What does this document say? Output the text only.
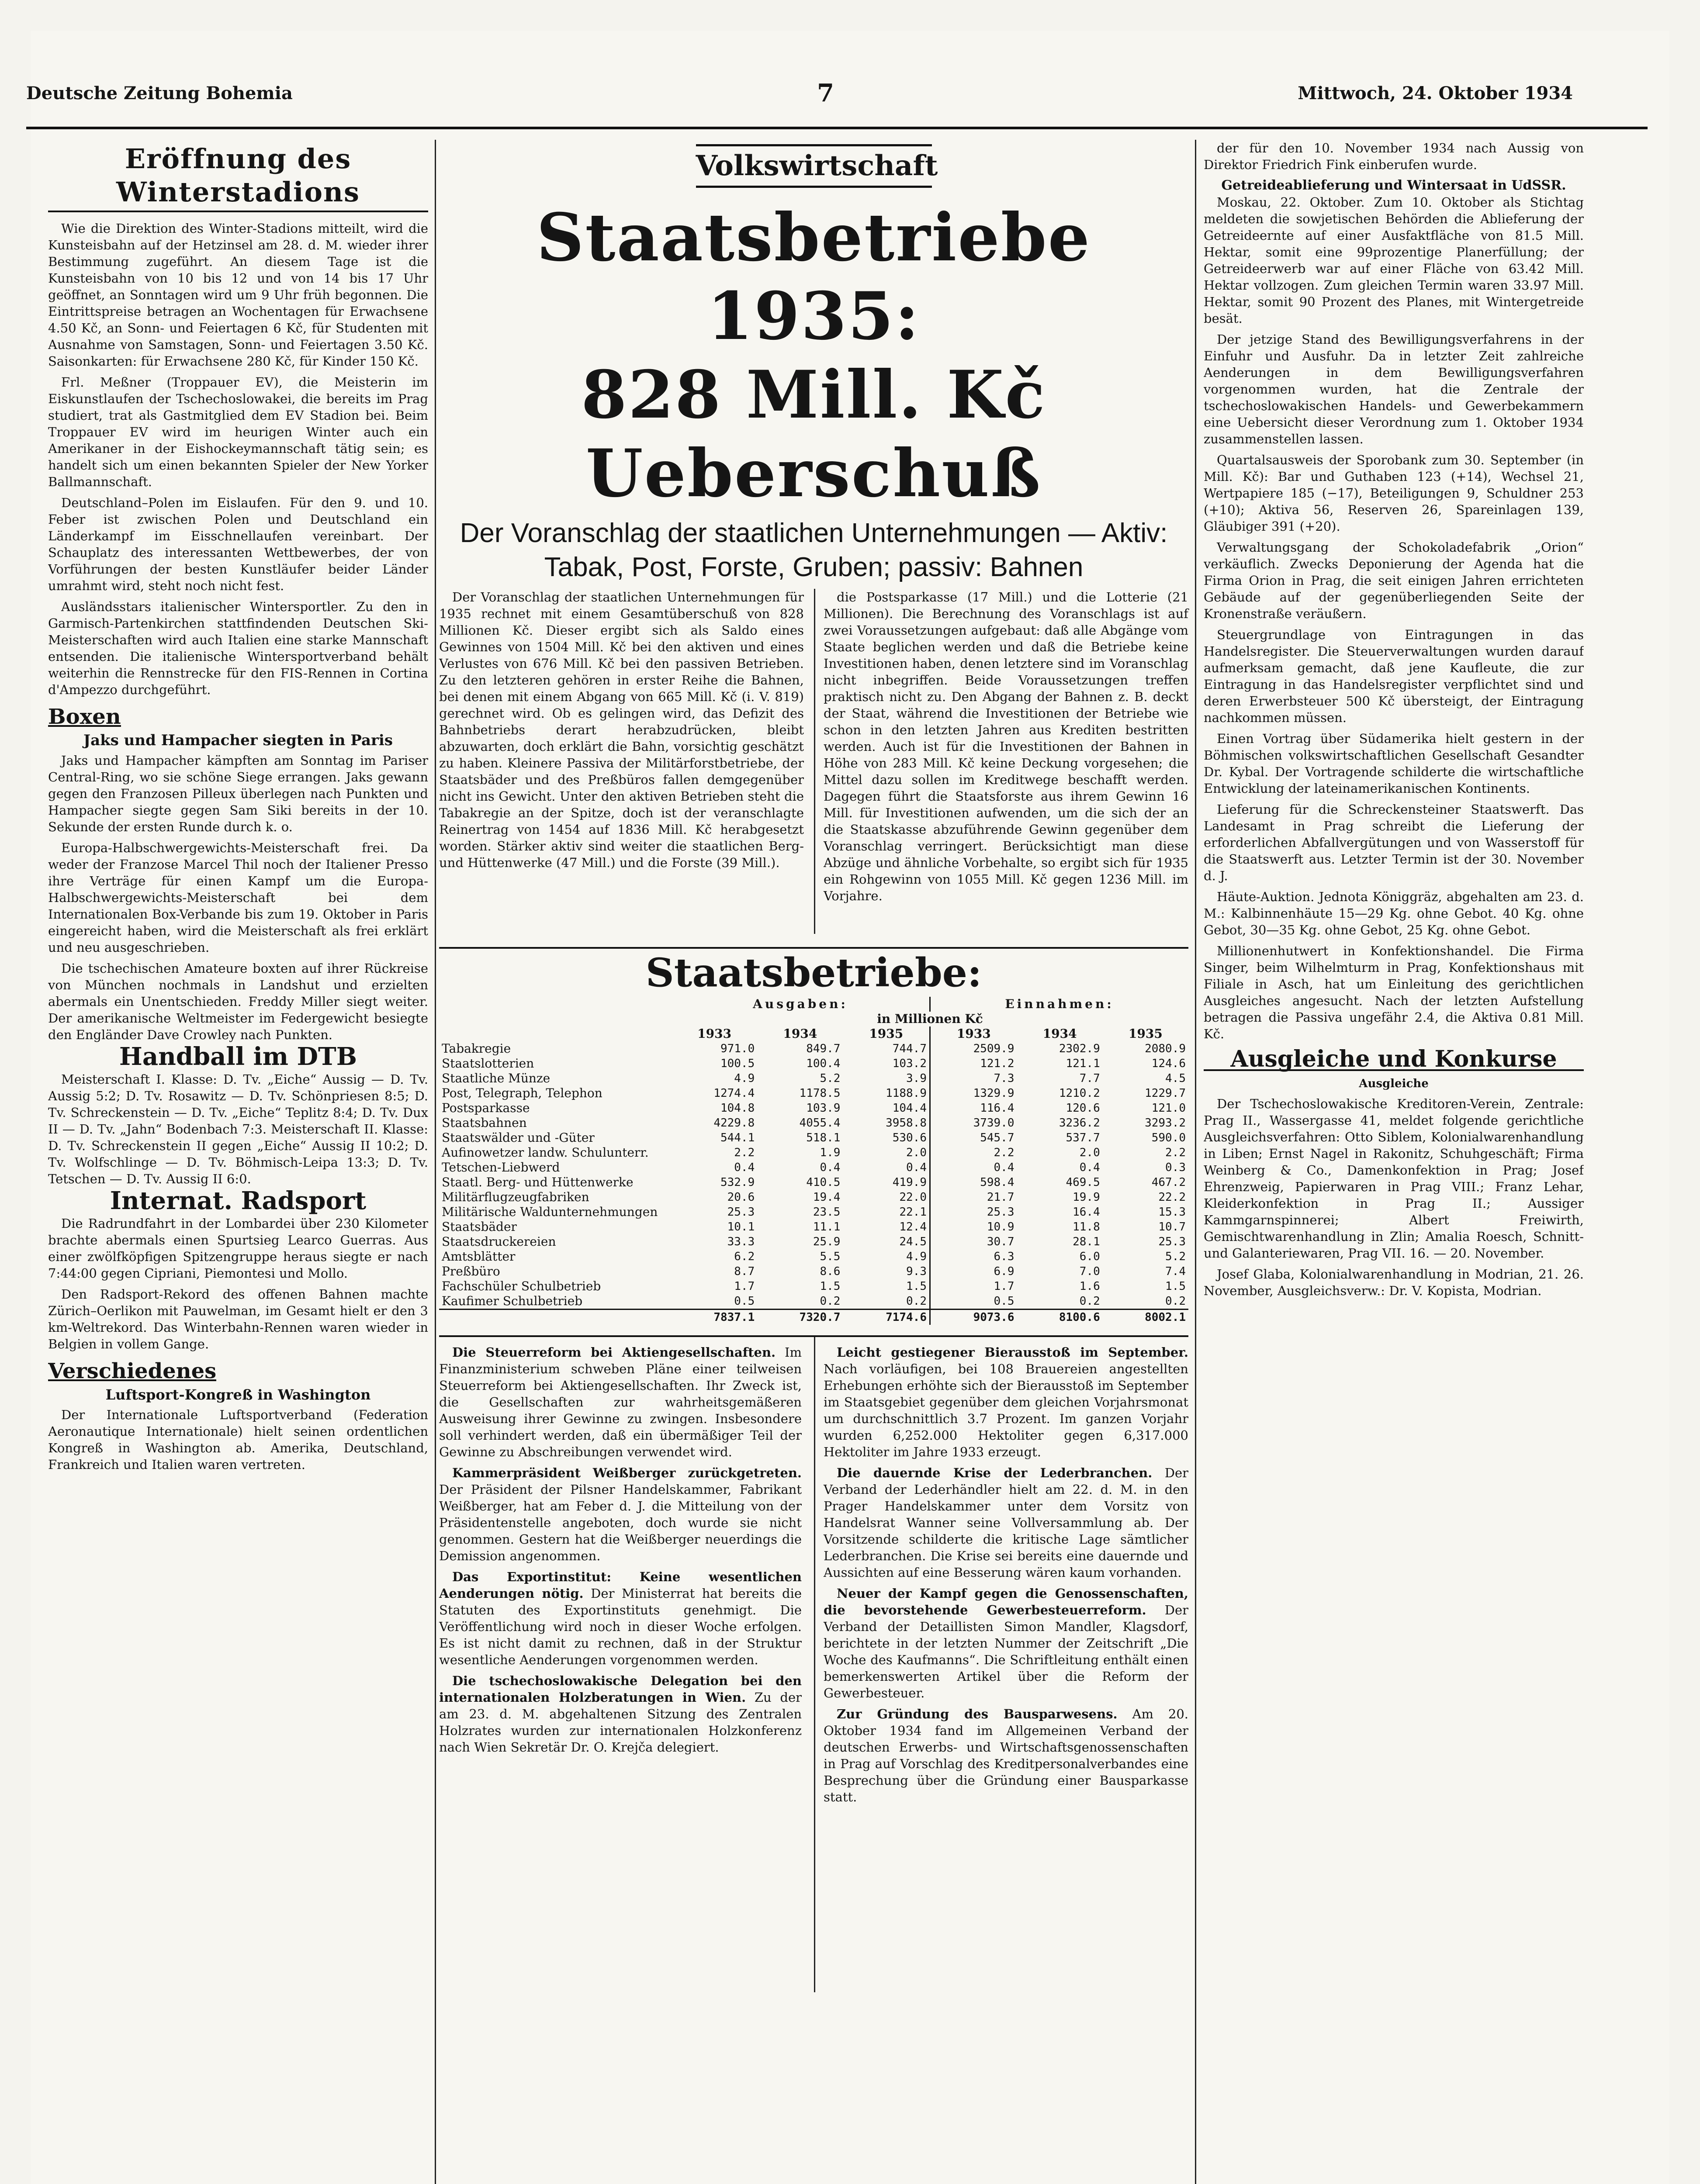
Deutsche Zeitung Bohemia	7	Mittwoch, 24. Oktober 1934
Eröffnung des Winterstadions

Wie die Direktion des Winter-Stadions mitteilt, wird die Kunsteisbahn auf der Hetzinsel am 28. d. M. wieder ihrer Bestimmung zugeführt. An diesem Tage ist die Kunsteisbahn von 10 bis 12 und von 14 bis 17 Uhr geöffnet, an Sonntagen wird um 9 Uhr früh begonnen. Die Eintrittspreise betragen an Wochentagen für Erwachsene 4.50 Kč, an Sonn- und Feiertagen 6 Kč, für Studenten mit Ausnahme von Samstagen, Sonn- und Feiertagen 3.50 Kč. Saisonkarten: für Erwachsene 280 Kč, für Kinder 150 Kč.

Frl. Meßner (Troppauer EV), die Meisterin im Eiskunstlaufen der Tschechoslowakei, die bereits im Prag studiert, trat als Gastmitglied dem EV Stadion bei. Beim Troppauer EV wird im heurigen Winter auch ein Amerikaner in der Eishockeymannschaft tätig sein; es handelt sich um einen bekannten Spieler der New Yorker Ballmannschaft.

Deutschland–Polen im Eislaufen. Für den 9. und 10. Feber ist zwischen Polen und Deutschland ein Länderkampf im Eisschnellaufen vereinbart. Der Schauplatz des interessanten Wettbewerbes, der von Vorführungen der besten Kunstläufer beider Länder umrahmt wird, steht noch nicht fest.

Ausländsstars italienischer Wintersportler. Zu den in Garmisch-Partenkirchen stattfindenden Deutschen Ski-Meisterschaften wird auch Italien eine starke Mannschaft entsenden. Die italienische Wintersportverband behält weiterhin die Rennstrecke für den FIS-Rennen in Cortina d'Ampezzo durchgeführt.

Boxen
Jaks und Hampacher siegten in Paris

Jaks und Hampacher kämpften am Sonntag im Pariser Central-Ring, wo sie schöne Siege errangen. Jaks gewann gegen den Franzosen Pilleux überlegen nach Punkten und Hampacher siegte gegen Sam Siki bereits in der 10. Sekunde der ersten Runde durch k. o.

Europa-Halbschwergewichts-Meisterschaft frei. Da weder der Franzose Marcel Thil noch der Italiener Presso ihre Verträge für einen Kampf um die Europa-Halbschwergewichts-Meisterschaft bei dem Internationalen Box-Verbande bis zum 19. Oktober in Paris eingereicht haben, wird die Meisterschaft als frei erklärt und neu ausgeschrieben.

Die tschechischen Amateure boxten auf ihrer Rückreise von München nochmals in Landshut und erzielten abermals ein Unentschieden. Freddy Miller siegt weiter. Der amerikanische Weltmeister im Federgewicht besiegte den Engländer Dave Crowley nach Punkten.

Handball im DTB

Meisterschaft I. Klasse: D. Tv. „Eiche“ Aussig — D. Tv. Aussig 5:2; D. Tv. Rosawitz — D. Tv. Schönpriesen 8:5; D. Tv. Schreckenstein — D. Tv. „Eiche“ Teplitz 8:4; D. Tv. Dux II — D. Tv. „Jahn“ Bodenbach 7:3. Meisterschaft II. Klasse: D. Tv. Schreckenstein II gegen „Eiche“ Aussig II 10:2; D. Tv. Wolfschlinge — D. Tv. Böhmisch-Leipa 13:3; D. Tv. Tetschen — D. Tv. Aussig II 6:0.

Internat. Radsport

Die Radrundfahrt in der Lombardei über 230 Kilometer brachte abermals einen Spurtsieg Learco Guerras. Aus einer zwölfköpfigen Spitzengruppe heraus siegte er nach 7:44:00 gegen Cipriani, Piemontesi und Mollo.

Den Radsport-Rekord des offenen Bahnen machte Zürich–Oerlikon mit Pauwelman, im Gesamt hielt er den 3 km-Weltrekord. Das Winterbahn-Rennen waren wieder in Belgien in vollem Gange.

Verschiedenes
Luftsport-Kongreß in Washington

Der Internationale Luftsportverband (Federation Aeronautique Internationale) hielt seinen ordentlichen Kongreß in Washington ab. Amerika, Deutschland, Frankreich und Italien waren vertreten.

Volkswirtschaft
Staatsbetriebe 1935:
828 Mill. Kč Ueberschuß
Der Voranschlag der staatlichen Unternehmungen — Aktiv: Tabak, Post, Forste, Gruben; passiv: Bahnen

Der Voranschlag der staatlichen Unternehmungen für 1935 rechnet mit einem Gesamtüberschuß von 828 Millionen Kč. Dieser ergibt sich als Saldo eines Gewinnes von 1504 Mill. Kč bei den aktiven und eines Verlustes von 676 Mill. Kč bei den passiven Betrieben. Zu den letzteren gehören in erster Reihe die Bahnen, bei denen mit einem Abgang von 665 Mill. Kč (i. V. 819) gerechnet wird. Ob es gelingen wird, das Defizit des Bahnbetriebs derart herabzudrücken, bleibt abzuwarten, doch erklärt die Bahn, vorsichtig geschätzt zu haben. Kleinere Passiva der Militärforstbetriebe, der Staatsbäder und des Preßbüros fallen demgegenüber nicht ins Gewicht. Unter den aktiven Betrieben steht die Tabakregie an der Spitze, doch ist der veranschlagte Reinertrag von 1454 auf 1836 Mill. Kč herabgesetzt worden. Stärker aktiv sind weiter die staatlichen Berg- und Hüttenwerke (47 Mill.) und die Forste (39 Mill.).

die Postsparkasse (17 Mill.) und die Lotterie (21 Millionen). Die Berechnung des Voranschlags ist auf zwei Voraussetzungen aufgebaut: daß alle Abgänge vom Staate beglichen werden und daß die Betriebe keine Investitionen haben, denen letztere sind im Voranschlag nicht inbegriffen. Beide Voraussetzungen treffen praktisch nicht zu. Den Abgang der Bahnen z. B. deckt der Staat, während die Investitionen der Betriebe wie schon in den letzten Jahren aus Krediten bestritten werden. Auch ist für die Investitionen der Bahnen in Höhe von 283 Mill. Kč keine Deckung vorgesehen; die Mittel dazu sollen im Kreditwege beschafft werden. Dagegen führt die Staatsforste aus ihrem Gewinn 16 Mill. für Investitionen aufwenden, um die sich der an die Staatskasse abzuführende Gewinn gegenüber dem Voranschlag verringert. Berücksichtigt man diese Abzüge und ähnliche Vorbehalte, so ergibt sich für 1935 ein Rohgewinn von 1055 Mill. Kč gegen 1236 Mill. im Vorjahre.

Staatsbetriebe:
	Ausgaben:			Einnahmen:		
	in Millionen Kč					
	1933	1934	1935	1933	1934	1935
Tabakregie	971.0	849.7	744.7	2509.9	2302.9	2080.9
Staatslotterien	100.5	100.4	103.2	121.2	121.1	124.6
Staatliche Münze	4.9	5.2	3.9	7.3	7.7	4.5
Post, Telegraph, Telephon	1274.4	1178.5	1188.9	1329.9	1210.2	1229.7
Postsparkasse	104.8	103.9	104.4	116.4	120.6	121.0
Staatsbahnen	4229.8	4055.4	3958.8	3739.0	3236.2	3293.2
Staatswälder und -Güter	544.1	518.1	530.6	545.7	537.7	590.0
Aufinowetzer landw. Schulunterr.	2.2	1.9	2.0	2.2	2.0	2.2
Tetschen-Liebwerd	0.4	0.4	0.4	0.4	0.4	0.3
Staatl. Berg- und Hüttenwerke	532.9	410.5	419.9	598.4	469.5	467.2
Militärflugzeugfabriken	20.6	19.4	22.0	21.7	19.9	22.2
Militärische Waldunternehmungen	25.3	23.5	22.1	25.3	16.4	15.3
Staatsbäder	10.1	11.1	12.4	10.9	11.8	10.7
Staatsdruckereien	33.3	25.9	24.5	30.7	28.1	25.3
Amtsblätter	6.2	5.5	4.9	6.3	6.0	5.2
Preßbüro	8.7	8.6	9.3	6.9	7.0	7.4
Fachschüler Schulbetrieb	1.7	1.5	1.5	1.7	1.6	1.5
Kaufimer Schulbetrieb	0.5	0.2	0.2	0.5	0.2	0.2
	7837.1	7320.7	7174.6	9073.6	8100.6	8002.1

Die Steuerreform bei Aktiengesellschaften. Im Finanzministerium schweben Pläne einer teilweisen Steuerreform bei Aktiengesellschaften. Ihr Zweck ist, die Gesellschaften zur wahrheitsgemäßeren Ausweisung ihrer Gewinne zu zwingen. Insbesondere soll verhindert werden, daß ein übermäßiger Teil der Gewinne zu Abschreibungen verwendet wird.

Kammerpräsident Weißberger zurückgetreten. Der Präsident der Pilsner Handelskammer, Fabrikant Weißberger, hat am Feber d. J. die Mitteilung von der Präsidentenstelle angeboten, doch wurde sie nicht genommen. Gestern hat die Weißberger neuerdings die Demission angenommen.

Das Exportinstitut: Keine wesentlichen Aenderungen nötig. Der Ministerrat hat bereits die Statuten des Exportinstituts genehmigt. Die Veröffentlichung wird noch in dieser Woche erfolgen. Es ist nicht damit zu rechnen, daß in der Struktur wesentliche Aenderungen vorgenommen werden.

Die tschechoslowakische Delegation bei den internationalen Holzberatungen in Wien. Zu der am 23. d. M. abgehaltenen Sitzung des Zentralen Holzrates wurden zur internationalen Holzkonferenz nach Wien Sekretär Dr. O. Krejča delegiert.

Leicht gestiegener Bierausstoß im September. Nach vorläufigen, bei 108 Brauereien angestellten Erhebungen erhöhte sich der Bierausstoß im September im Staatsgebiet gegenüber dem gleichen Vorjahrsmonat um durchschnittlich 3.7 Prozent. Im ganzen Vorjahr wurden 6,252.000 Hektoliter gegen 6,317.000 Hektoliter im Jahre 1933 erzeugt.

Die dauernde Krise der Lederbranchen. Der Verband der Lederhändler hielt am 22. d. M. in den Prager Handelskammer unter dem Vorsitz von Handelsrat Wanner seine Vollversammlung ab. Der Vorsitzende schilderte die kritische Lage sämtlicher Lederbranchen. Die Krise sei bereits eine dauernde und Aussichten auf eine Besserung wären kaum vorhanden.

Neuer der Kampf gegen die Genossenschaften, die bevorstehende Gewerbesteuerreform. Der Verband der Detaillisten Simon Mandler, Klagsdorf, berichtete in der letzten Nummer der Zeitschrift „Die Woche des Kaufmanns“. Die Schriftleitung enthält einen bemerkenswerten Artikel über die Reform der Gewerbesteuer.

Zur Gründung des Bausparwesens. Am 20. Oktober 1934 fand im Allgemeinen Verband der deutschen Erwerbs- und Wirtschaftsgenossenschaften in Prag auf Vorschlag des Kreditpersonalverbandes eine Besprechung über die Gründung einer Bausparkasse statt.

der für den 10. November 1934 nach Aussig von Direktor Friedrich Fink einberufen wurde.

Getreideablieferung und Wintersaat in UdSSR.

Moskau, 22. Oktober. Zum 10. Oktober als Stichtag meldeten die sowjetischen Behörden die Ablieferung der Getreideernte auf einer Ausfaktfläche von 81.5 Mill. Hektar, somit eine 99prozentige Planerfüllung; der Getreideerwerb war auf einer Fläche von 63.42 Mill. Hektar vollzogen. Zum gleichen Termin waren 33.97 Mill. Hektar, somit 90 Prozent des Planes, mit Wintergetreide besät.

Der jetzige Stand des Bewilligungsverfahrens in der Einfuhr und Ausfuhr. Da in letzter Zeit zahlreiche Aenderungen in dem Bewilligungsverfahren vorgenommen wurden, hat die Zentrale der tschechoslowakischen Handels- und Gewerbekammern eine Uebersicht dieser Verordnung zum 1. Oktober 1934 zusammenstellen lassen.

Quartalsausweis der Sporobank zum 30. September (in Mill. Kč): Bar und Guthaben 123 (+14), Wechsel 21, Wertpapiere 185 (−17), Beteiligungen 9, Schuldner 253 (+10); Aktiva 56, Reserven 26, Spareinlagen 139, Gläubiger 391 (+20).

Verwaltungsgang der Schokoladefabrik „Orion“ verkäuflich. Zwecks Deponierung der Agenda hat die Firma Orion in Prag, die seit einigen Jahren errichteten Gebäude auf der gegenüberliegenden Seite der Kronenstraße veräußern.

Steuergrundlage von Eintragungen in das Handelsregister. Die Steuerverwaltungen wurden darauf aufmerksam gemacht, daß jene Kaufleute, die zur Eintragung in das Handelsregister verpflichtet sind und deren Erwerbsteuer 500 Kč übersteigt, der Eintragung nachkommen müssen.

Einen Vortrag über Südamerika hielt gestern in der Böhmischen volkswirtschaftlichen Gesellschaft Gesandter Dr. Kybal. Der Vortragende schilderte die wirtschaftliche Entwicklung der lateinamerikanischen Kontinents.

Lieferung für die Schreckensteiner Staatswerft. Das Landesamt in Prag schreibt die Lieferung der erforderlichen Abfallvergütungen und von Wasserstoff für die Staatswerft aus. Letzter Termin ist der 30. November d. J.

Häute-Auktion. Jednota Königgräz, abgehalten am 23. d. M.: Kalbinnenhäute 15—29 Kg. ohne Gebot. 40 Kg. ohne Gebot, 30—35 Kg. ohne Gebot, 25 Kg. ohne Gebot.

Millionenhutwert in Konfektionshandel. Die Firma Singer, beim Wilhelmturm in Prag, Konfektionshaus mit Filiale in Asch, hat um Einleitung des gerichtlichen Ausgleiches angesucht. Nach der letzten Aufstellung betragen die Passiva ungefähr 2.4, die Aktiva 0.81 Mill. Kč.

Ausgleiche und Konkurse
Ausgleiche

Der Tschechoslowakische Kreditoren-Verein, Zentrale: Prag II., Wassergasse 41, meldet folgende gerichtliche Ausgleichsverfahren: Otto Siblem, Kolonialwarenhandlung in Liben; Ernst Nagel in Rakonitz, Schuhgeschäft; Firma Weinberg & Co., Damenkonfektion in Prag; Josef Ehrenzweig, Papierwaren in Prag VIII.; Franz Lehar, Kleiderkonfektion in Prag II.; Aussiger Kammgarnspinnerei; Albert Freiwirth, Gemischtwarenhandlung in Zlin; Amalia Roesch, Schnitt- und Galanteriewaren, Prag VII. 16. — 20. November.

Josef Glaba, Kolonialwarenhandlung in Modrian, 21. 26. November, Ausgleichsverw.: Dr. V. Kopista, Modrian.
